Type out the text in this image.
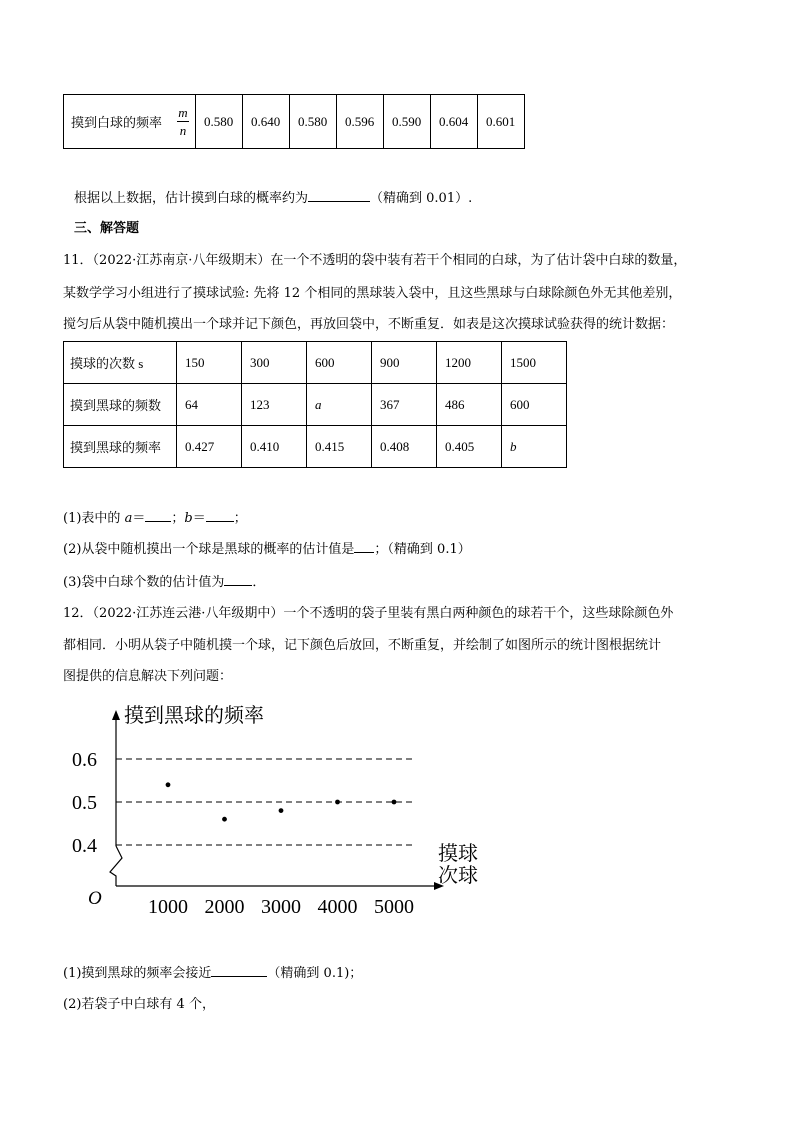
摸到白球的频率 $\frac{m}{n}$	0.580	0.640	0.580	0.596	0.590	0.604	0.601
根据以上数据，估计摸到白球的概率约为	（精确到 0.01）.
三、解答题
11．（2022·江苏南京·八年级期末）在一个不透明的袋中装有若干个相同的白球，为了估计袋中白球的数量，
某数学学习小组进行了摸球试验: 先将 12 个相同的黑球装入袋中，且这些黑球与白球除颜色外无其他差别，
搅匀后从袋中随机摸出一个球并记下颜色，再放回袋中，不断重复．如表是这次摸球试验获得的统计数据：
摸球的次数 s	150	300	600	900	1200	1500
摸到黑球的频数	64	123	a	367	486	600
摸到黑球的频率	0.427	0.410	0.415	0.408	0.405	b
(1)表中的 a＝ ；b＝ ；
(2)从袋中随机摸出一个球是黑球的概率的估计值是 ；（精确到 0.1）
(3)袋中白球个数的估计值为 ．
12．（2022·江苏连云港·八年级期中）一个不透明的袋子里装有黑白两种颜色的球若干个，这些球除颜色外
都相同．小明从袋子中随机摸一个球，记下颜色后放回，不断重复，并绘制了如图所示的统计图根据统计
图提供的信息解决下列问题：
摸到黑球的频率
摸球
次球
O
0.6
0.5
0.4
1000 2000 3000 4000 5000
(1)摸到黑球的频率会接近	（精确到 0.1)；
(2)若袋子中白球有 4 个，
